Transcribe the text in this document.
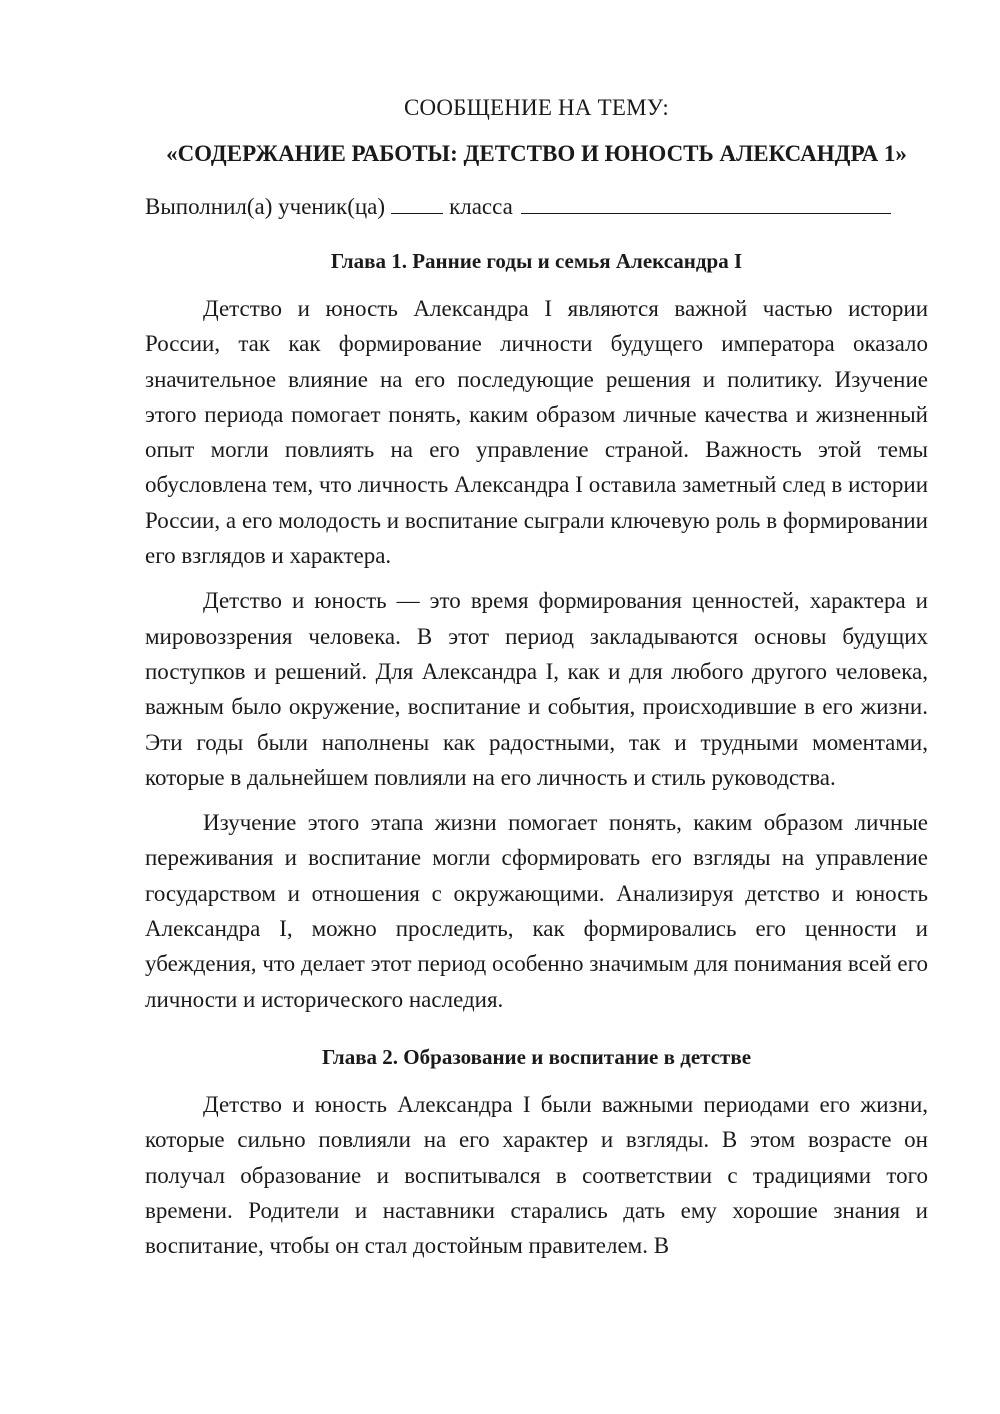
СООБЩЕНИЕ НА ТЕМУ:
«СОДЕРЖАНИЕ РАБОТЫ: ДЕТСТВО И ЮНОСТЬ АЛЕКСАНДРА 1»
Выполнил(а) ученик(ца)	класса
Глава 1. Ранние годы и семья Александра I

Детство и юность Александра I являются важной частью истории России, так как формирование личности будущего императора оказало значительное влияние на его последующие решения и политику. Изучение этого периода помогает понять, каким образом личные качества и жизненный опыт могли повлиять на его управление страной. Важность этой темы обусловлена тем, что личность Александра I оставила заметный след в истории России, а его молодость и воспитание сыграли ключевую роль в формировании его взглядов и характера.

Детство и юность — это время формирования ценностей, характера и мировоззрения человека. В этот период закладываются основы будущих поступков и решений. Для Александра I, как и для любого другого человека, важным было окружение, воспитание и события, происходившие в его жизни. Эти годы были наполнены как радостными, так и трудными моментами, которые в дальнейшем повлияли на его личность и стиль руководства.

Изучение этого этапа жизни помогает понять, каким образом личные переживания и воспитание могли сформировать его взгляды на управление государством и отношения с окружающими. Анализируя детство и юность Александра I, можно проследить, как формировались его ценности и убеждения, что делает этот период особенно значимым для понимания всей его личности и исторического наследия.

Глава 2. Образование и воспитание в детстве

Детство и юность Александра I были важными периодами его жизни, которые сильно повлияли на его характер и взгляды. В этом возрасте он получал образование и воспитывался в соответствии с традициями того времени. Родители и наставники старались дать ему хорошие знания и воспитание, чтобы он стал достойным правителем. В
